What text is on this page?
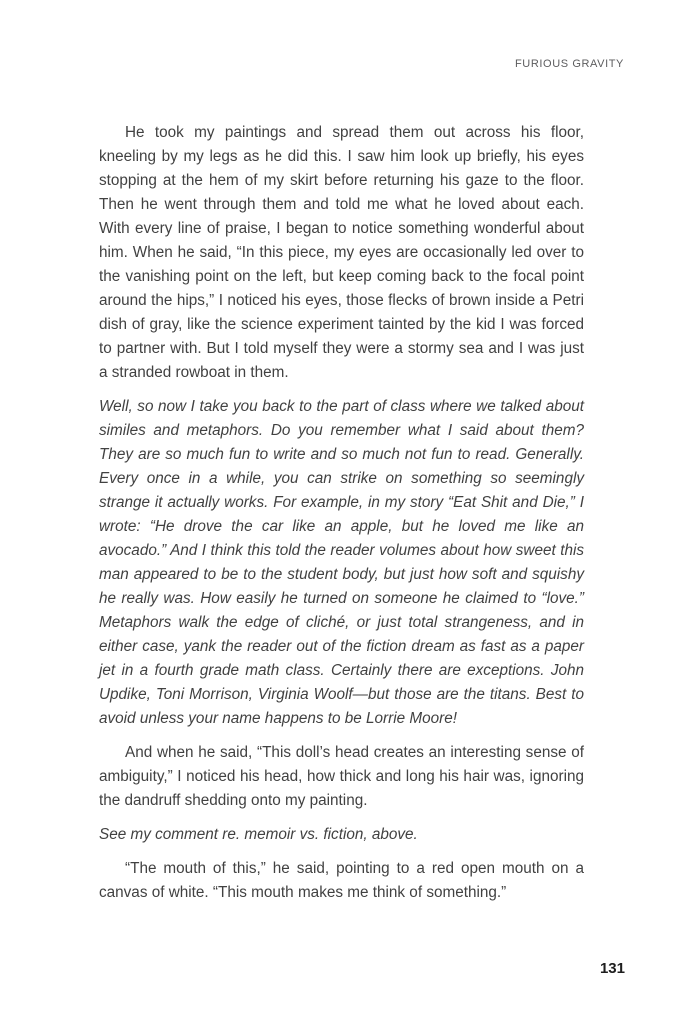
FURIOUS GRAVITY

He took my paintings and spread them out across his floor, kneeling by my legs as he did this. I saw him look up briefly, his eyes stopping at the hem of my skirt before returning his gaze to the floor. Then he went through them and told me what he loved about each. With every line of praise, I began to notice something wonderful about him. When he said, “In this piece, my eyes are occasionally led over to the vanishing point on the left, but keep coming back to the focal point around the hips,” I noticed his eyes, those flecks of brown inside a Petri dish of gray, like the science experiment tainted by the kid I was forced to partner with. But I told myself they were a stormy sea and I was just a stranded rowboat in them.

Well, so now I take you back to the part of class where we talked about similes and metaphors. Do you remember what I said about them? They are so much fun to write and so much not fun to read. Generally. Every once in a while, you can strike on something so seemingly strange it actually works. For example, in my story “Eat Shit and Die,” I wrote: “He drove the car like an apple, but he loved me like an avocado.” And I think this told the reader volumes about how sweet this man appeared to be to the student body, but just how soft and squishy he really was. How easily he turned on someone he claimed to “love.” Metaphors walk the edge of cliché, or just total strangeness, and in either case, yank the reader out of the fiction dream as fast as a paper jet in a fourth grade math class. Certainly there are exceptions. John Updike, Toni Morrison, Virginia Woolf—but those are the titans. Best to avoid unless your name happens to be Lorrie Moore!

And when he said, “This doll’s head creates an interesting sense of ambiguity,” I noticed his head, how thick and long his hair was, ignoring the dandruff shedding onto my painting.

See my comment re. memoir vs. fiction, above.

“The mouth of this,” he said, pointing to a red open mouth on a canvas of white. “This mouth makes me think of something.”

131
